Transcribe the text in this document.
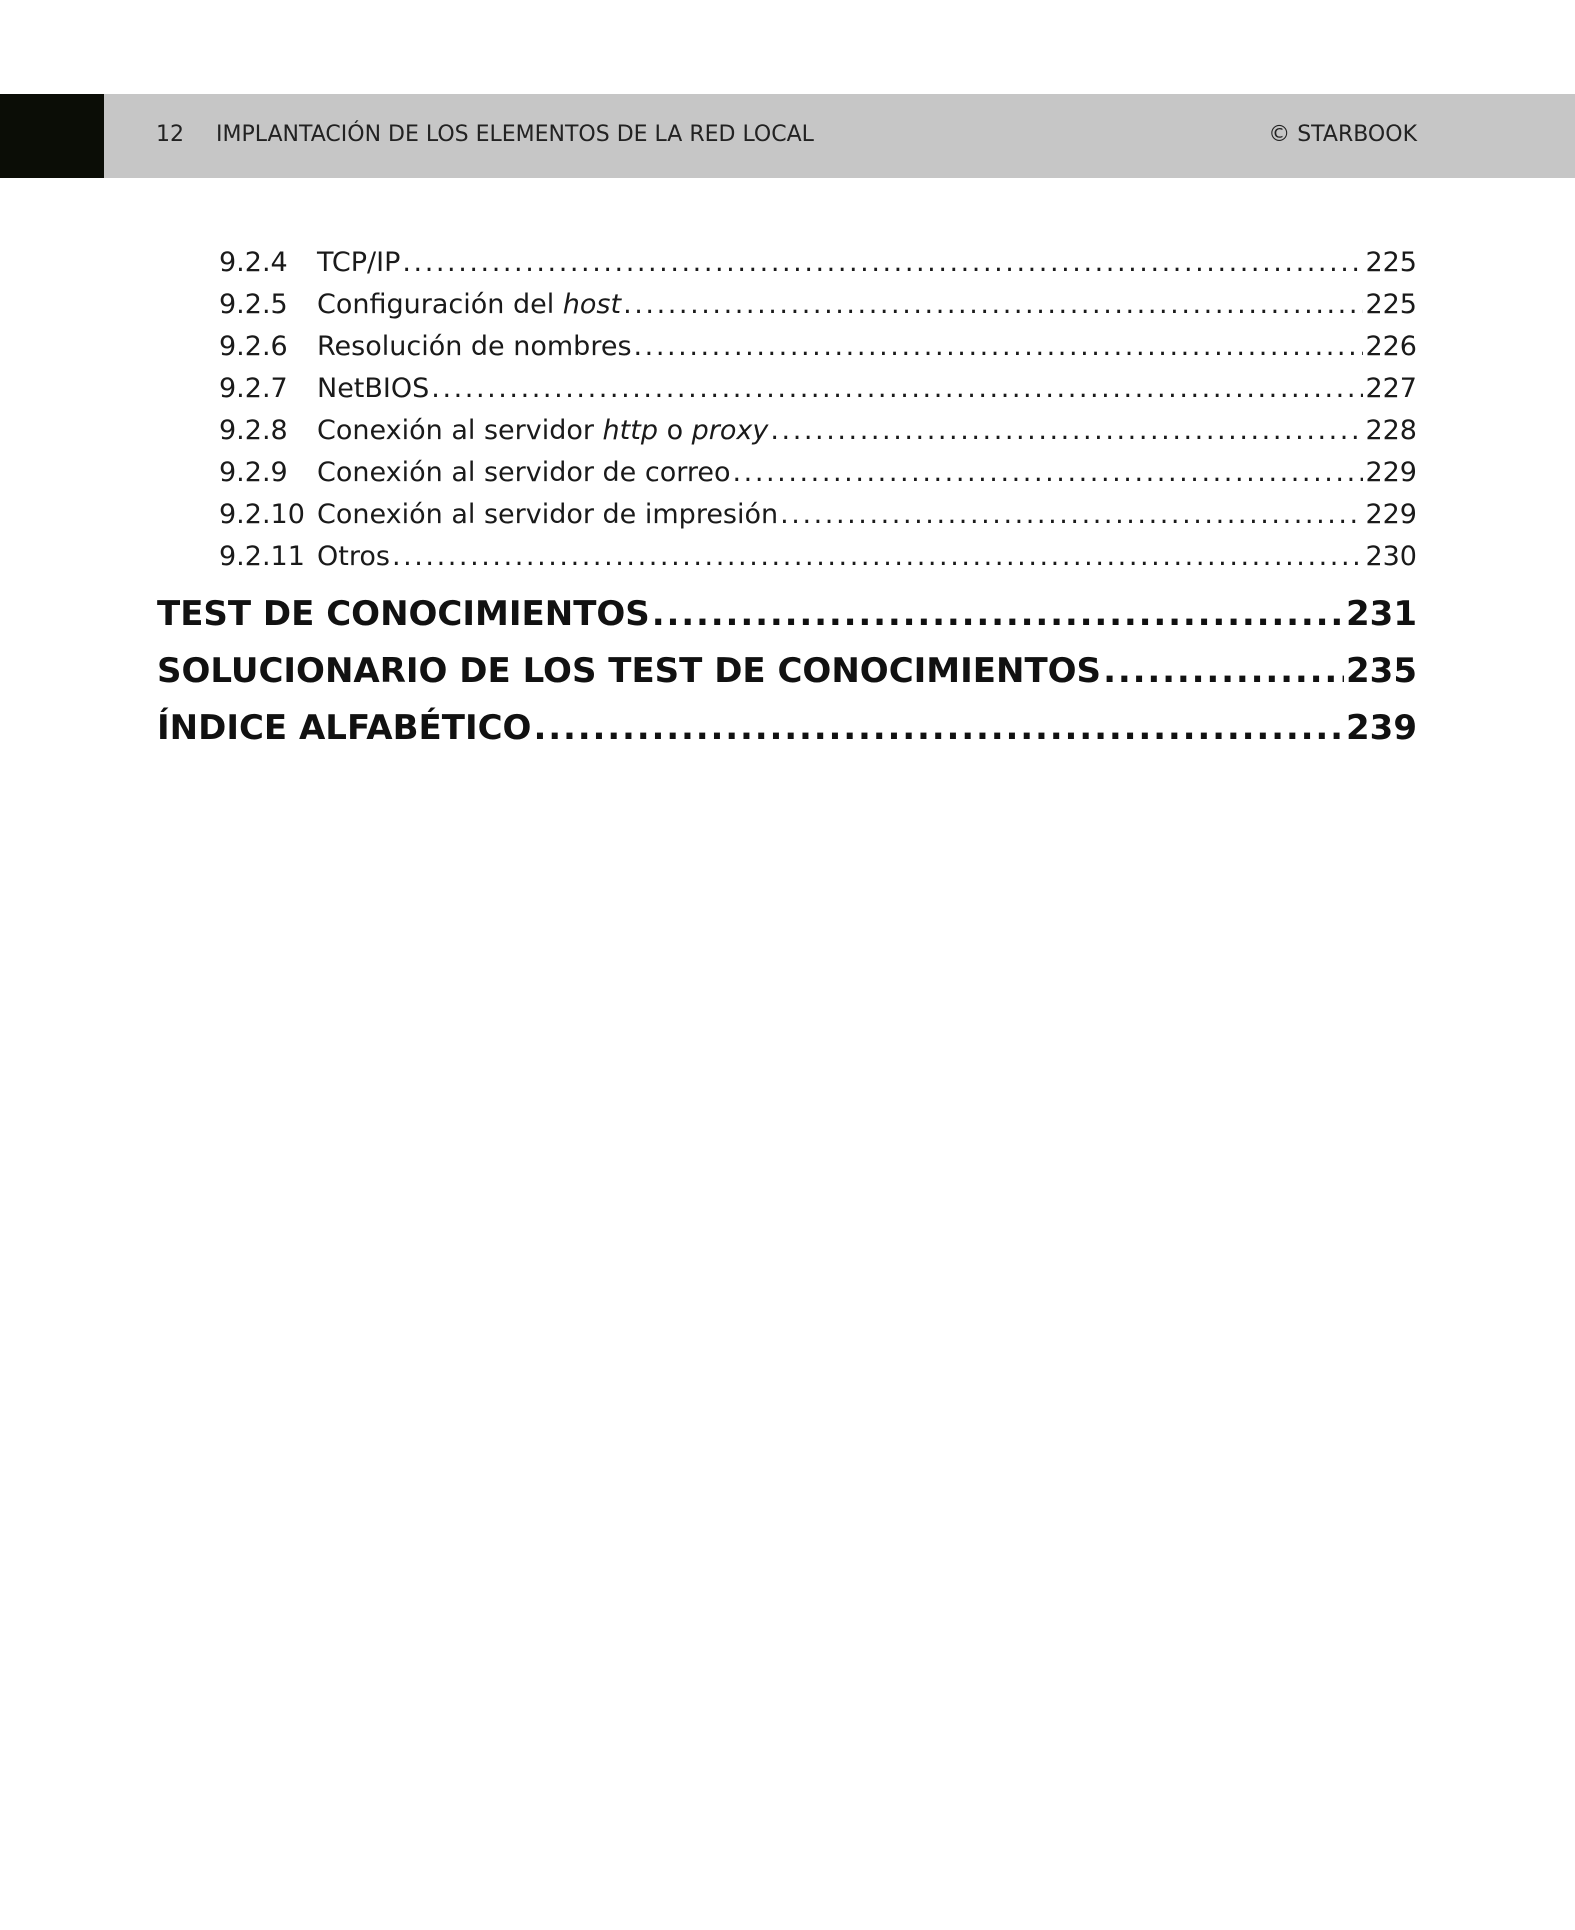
12 IMPLANTACIÓN DE LOS ELEMENTOS DE LA RED LOCAL	© STARBOOK
9.2.4	TCP/IP . . .	225
9.2.5	Configuración del host . . .	225
9.2.6	Resolución de nombres . . .	226
9.2.7	NetBIOS . . .	227
9.2.8	Conexión al servidor http o proxy . . .	228
9.2.9	Conexión al servidor de correo . . .	229
9.2.10 Conexión al servidor de impresión . . .	229
9.2.11 Otros . . .	230
TEST DE CONOCIMIENTOS . . .	231
SOLUCIONARIO DE LOS TEST DE CONOCIMIENTOS . . .	235
ÍNDICE ALFABÉTICO . . .	239
